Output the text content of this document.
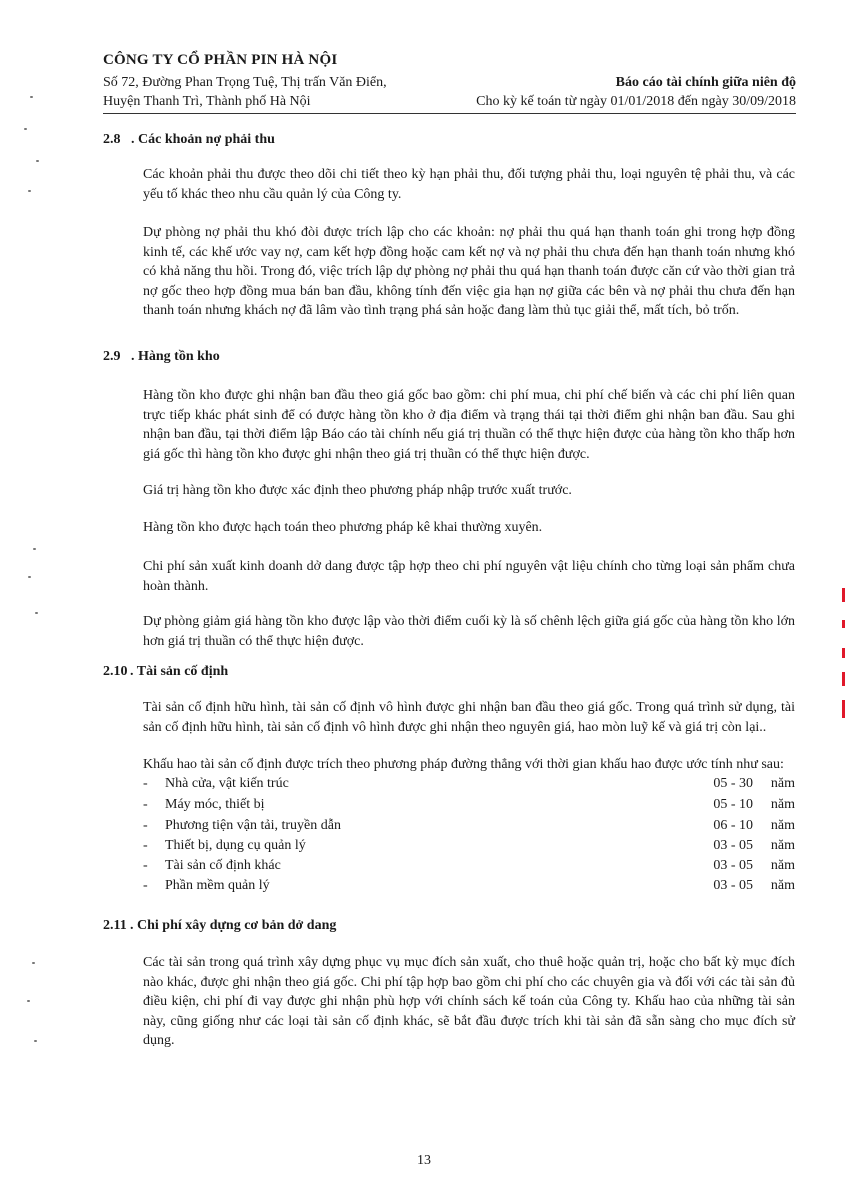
CÔNG TY CỔ PHẦN PIN HÀ NỘI
Số 72, Đường Phan Trọng Tuệ, Thị trấn Văn Điển,
Huyện Thanh Trì, Thành phố Hà Nội
Báo cáo tài chính giữa niên độ
Cho kỳ kế toán từ ngày 01/01/2018 đến ngày 30/09/2018
2.8 . Các khoản nợ phải thu
Các khoản phải thu được theo dõi chi tiết theo kỳ hạn phải thu, đối tượng phải thu, loại nguyên tệ phải thu, và các yếu tố khác theo nhu cầu quản lý của Công ty.
Dự phòng nợ phải thu khó đòi được trích lập cho các khoản: nợ phải thu quá hạn thanh toán ghi trong hợp đồng kinh tế, các khế ước vay nợ, cam kết hợp đồng hoặc cam kết nợ và nợ phải thu chưa đến hạn thanh toán nhưng khó có khả năng thu hồi. Trong đó, việc trích lập dự phòng nợ phải thu quá hạn thanh toán được căn cứ vào thời gian trả nợ gốc theo hợp đồng mua bán ban đầu, không tính đến việc gia hạn nợ giữa các bên và nợ phải thu chưa đến hạn thanh toán nhưng khách nợ đã lâm vào tình trạng phá sản hoặc đang làm thủ tục giải thể, mất tích, bỏ trốn.
2.9 . Hàng tồn kho
Hàng tồn kho được ghi nhận ban đầu theo giá gốc bao gồm: chi phí mua, chi phí chế biến và các chi phí liên quan trực tiếp khác phát sinh để có được hàng tồn kho ở địa điểm và trạng thái tại thời điểm ghi nhận ban đầu. Sau ghi nhận ban đầu, tại thời điểm lập Báo cáo tài chính nếu giá trị thuần có thể thực hiện được của hàng tồn kho thấp hơn giá gốc thì hàng tồn kho được ghi nhận theo giá trị thuần có thể thực hiện được.
Giá trị hàng tồn kho được xác định theo phương pháp nhập trước xuất trước.
Hàng tồn kho được hạch toán theo phương pháp kê khai thường xuyên.
Chi phí sản xuất kinh doanh dở dang được tập hợp theo chi phí nguyên vật liệu chính cho từng loại sản phẩm chưa hoàn thành.
Dự phòng giảm giá hàng tồn kho được lập vào thời điểm cuối kỳ là số chênh lệch giữa giá gốc của hàng tồn kho lớn hơn giá trị thuần có thể thực hiện được.
2.10 . Tài sản cố định
Tài sản cố định hữu hình, tài sản cố định vô hình được ghi nhận ban đầu theo giá gốc. Trong quá trình sử dụng, tài sản cố định hữu hình, tài sản cố định vô hình được ghi nhận theo nguyên giá, hao mòn luỹ kế và giá trị còn lại..
Khấu hao tài sản cố định được trích theo phương pháp đường thẳng với thời gian khấu hao được ước tính như sau:
- Nhà cửa, vật kiến trúc	05 - 30 năm
- Máy móc, thiết bị	05 - 10 năm
- Phương tiện vận tải, truyền dẫn	06 - 10 năm
- Thiết bị, dụng cụ quản lý	03 - 05 năm
- Tài sản cố định khác	03 - 05 năm
- Phần mềm quản lý	03 - 05 năm
2.11 . Chi phí xây dựng cơ bản dở dang
Các tài sản trong quá trình xây dựng phục vụ mục đích sản xuất, cho thuê hoặc quản trị, hoặc cho bất kỳ mục đích nào khác, được ghi nhận theo giá gốc. Chi phí tập hợp bao gồm chi phí cho các chuyên gia và đối với các tài sản đủ điều kiện, chi phí đi vay được ghi nhận phù hợp với chính sách kế toán của Công ty. Khấu hao của những tài sản này, cũng giống như các loại tài sản cố định khác, sẽ bắt đầu được trích khi tài sản đã sẵn sàng cho mục đích sử dụng.
13
